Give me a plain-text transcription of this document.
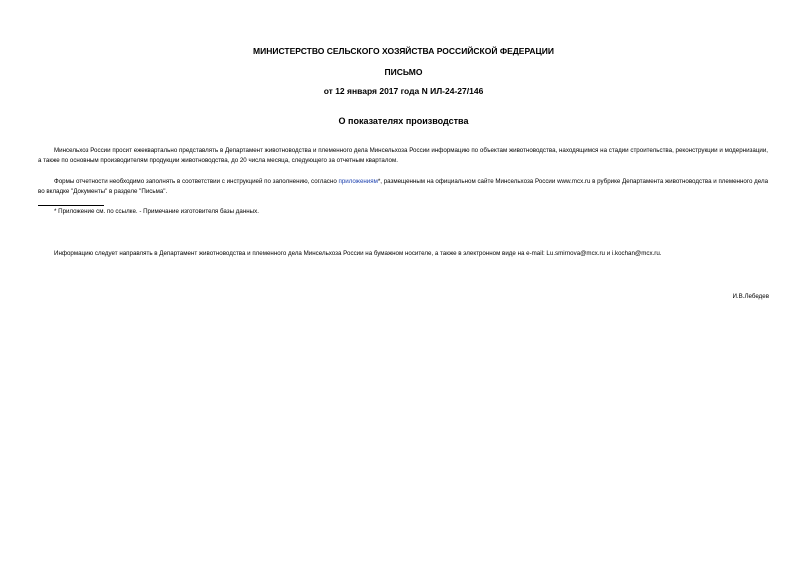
МИНИСТЕРСТВО СЕЛЬСКОГО ХОЗЯЙСТВА РОССИЙСКОЙ ФЕДЕРАЦИИ
ПИСЬМО
от 12 января 2017 года N ИЛ-24-27/146
О показателях производства

Минсельхоз России просит ежеквартально представлять в Департамент животноводства и племенного дела Минсельхоза России информацию по объектам животноводства, находящимся на стадии строительства, реконструкции и модернизации, а также по основным производителям продукции животноводства, до 20 числа месяца, следующего за отчетным кварталом.

Формы отчетности необходимо заполнять в соответствии с инструкцией по заполнению, согласно приложениям*, размещенным на официальном сайте Минсельхоза России www.mcx.ru в рубрике Департамента животноводства и племенного дела во вкладке "Документы" в разделе "Письма".

* Приложение см. по ссылке. - Примечание изготовителя базы данных.
Информацию следует направлять в Департамент животноводства и племенного дела Минсельхоза России на бумажном носителе, а также в электронном виде на e-mail: Lu.smirnova@mcx.ru и i.kochan@mcx.ru.
И.В.Лебедев
